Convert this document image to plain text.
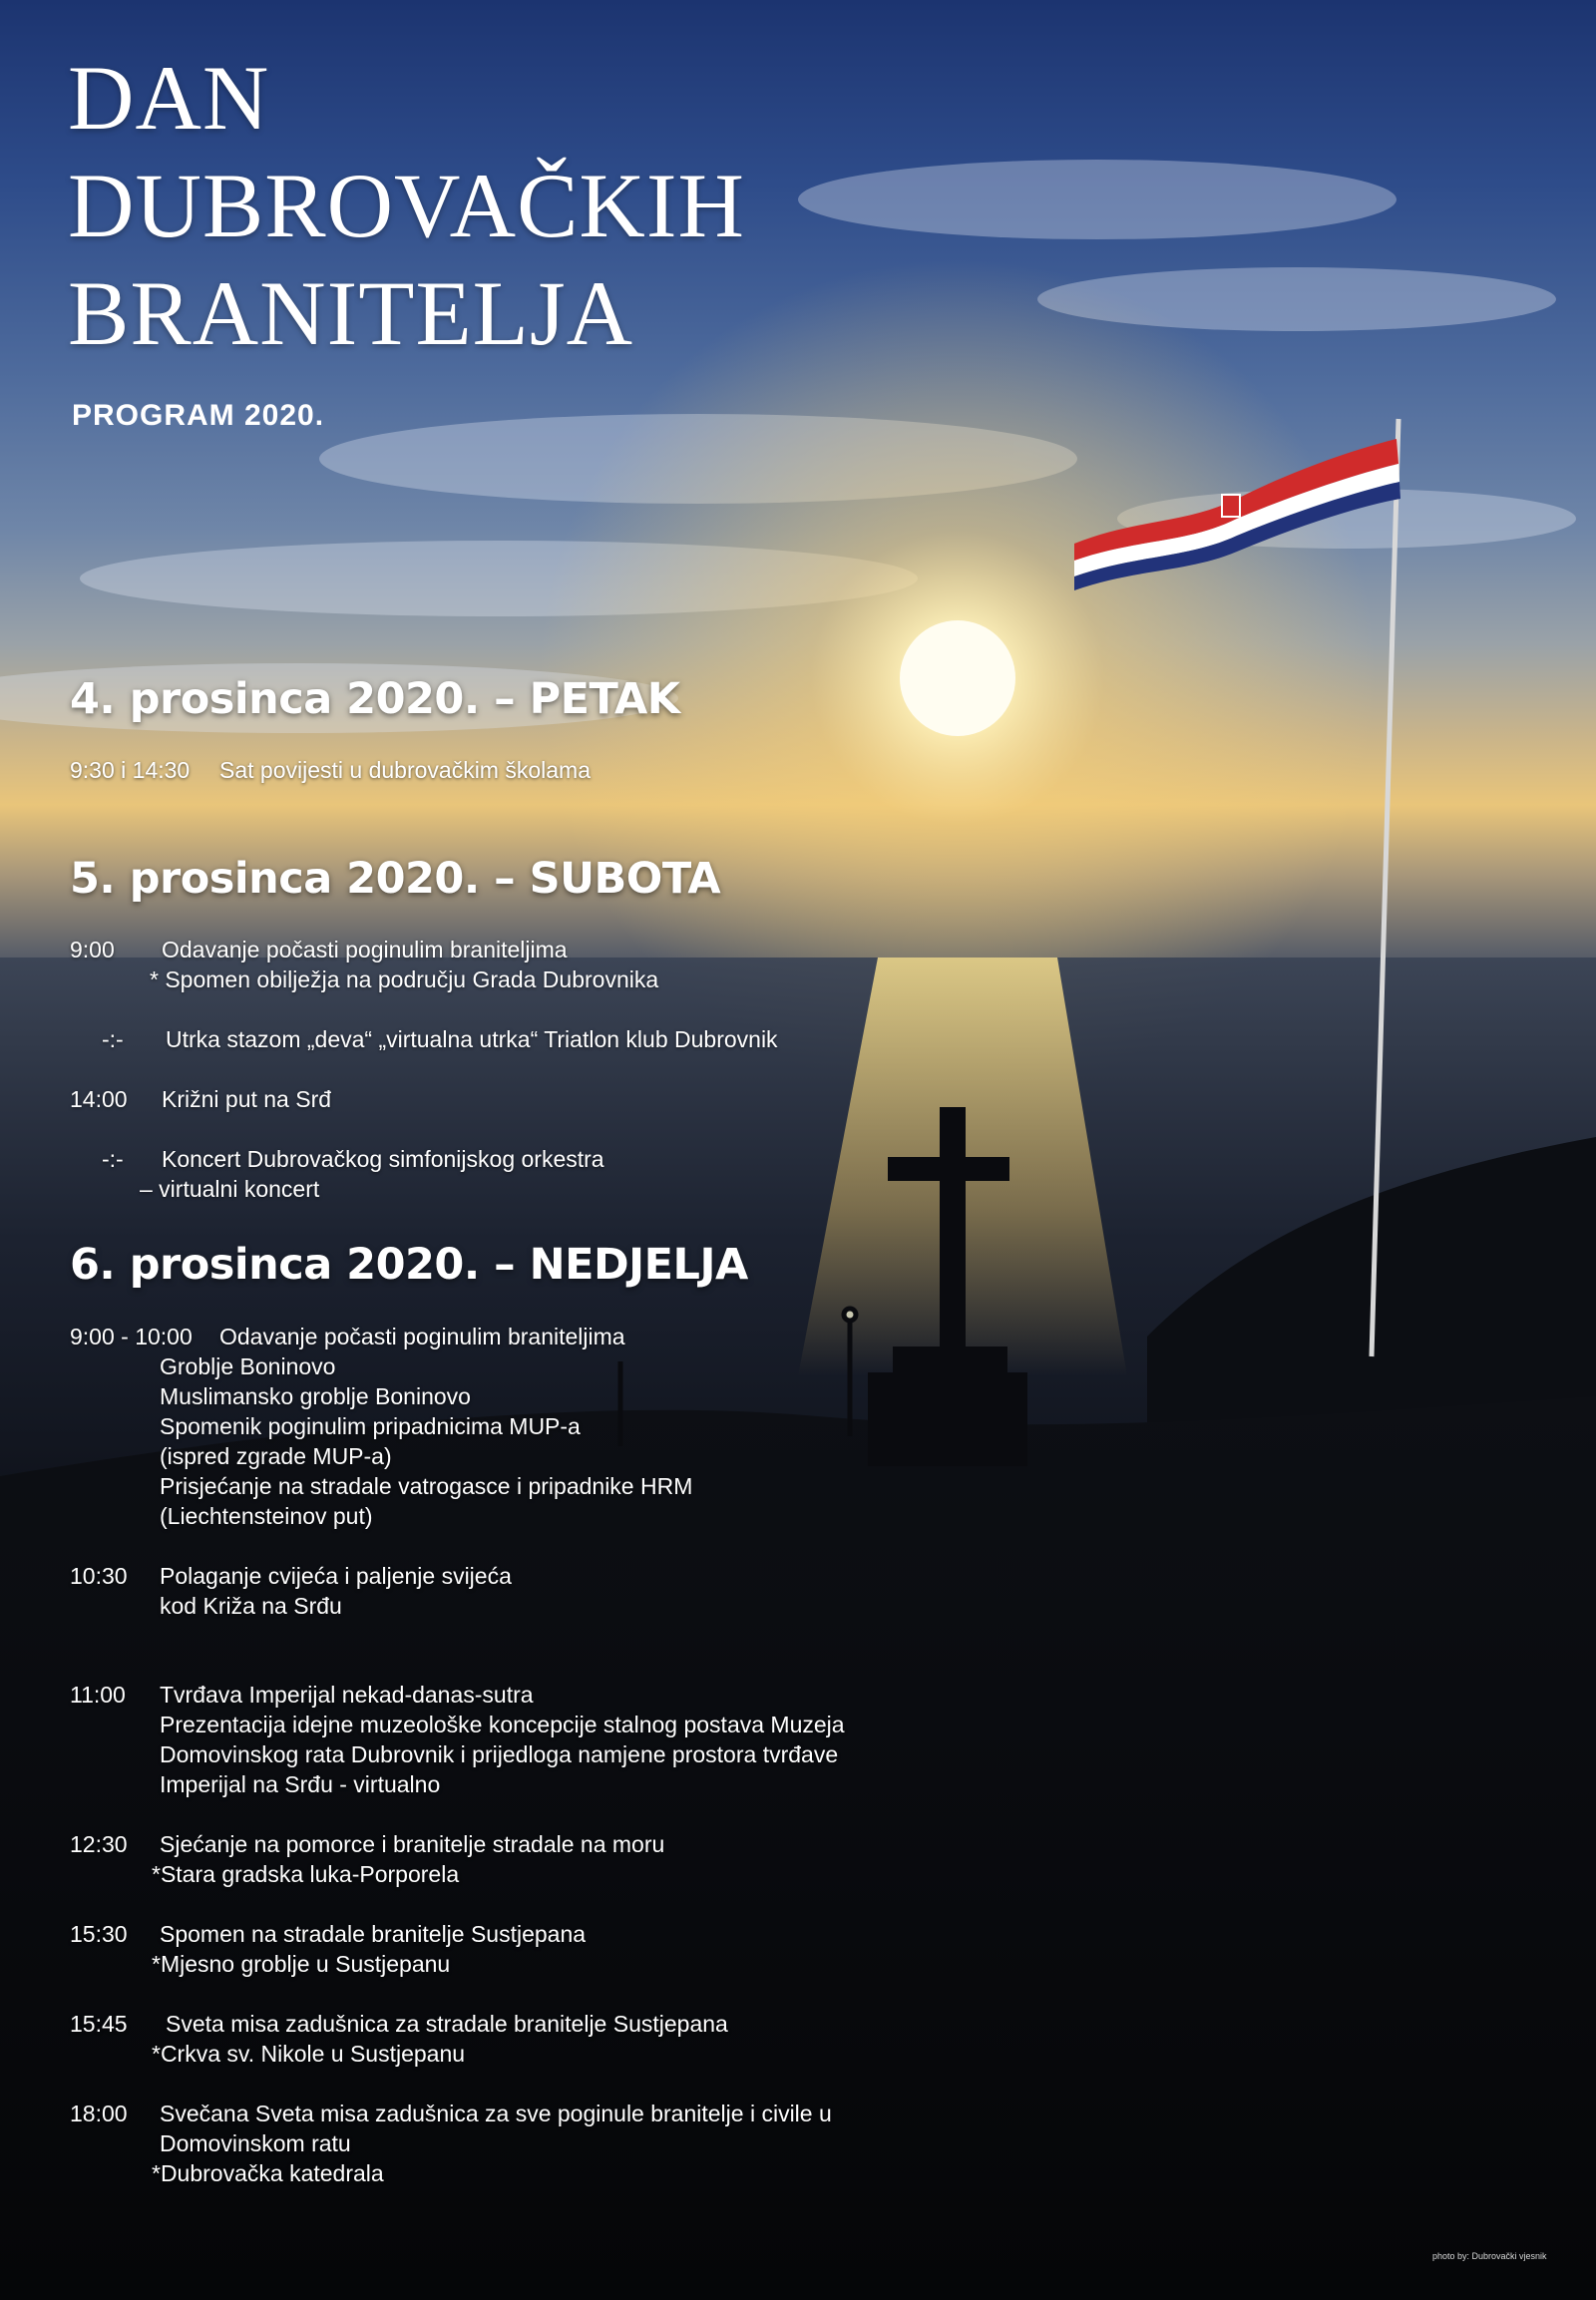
DAN
DUBROVAČKIH
BRANITELJA
PROGRAM 2020.
4. prosinca 2020. – PETAK
9:30 i 14:30 Sat povijesti u dubrovačkim školama
5. prosinca 2020. – SUBOTA
9:00 Odavanje počasti poginulim braniteljima
* Spomen obilježja na području Grada Dubrovnika
-:- Utrka stazom „deva“ „virtualna utrka“ Triatlon klub Dubrovnik
14:00 Križni put na Srđ
-:- Koncert Dubrovačkog simfonijskog orkestra
– virtualni koncert
6. prosinca 2020. – NEDJELJA
9:00 - 10:00 Odavanje počasti poginulim braniteljima
Groblje Boninovo
Muslimansko groblje Boninovo
Spomenik poginulim pripadnicima MUP-a
(ispred zgrade MUP-a)
Prisjećanje na stradale vatrogasce i pripadnike HRM
(Liechtensteinov put)
10:30 Polaganje cvijeća i paljenje svijeća
kod Križa na Srđu
11:00 Tvrđava Imperijal nekad-danas-sutra
Prezentacija idejne muzeološke koncepcije stalnog postava Muzeja
Domovinskog rata Dubrovnik i prijedloga namjene prostora tvrđave
Imperijal na Srđu - virtualno
12:30 Sjećanje na pomorce i branitelje stradale na moru
*Stara gradska luka-Porporela
15:30 Spomen na stradale branitelje Sustjepana
*Mjesno groblje u Sustjepanu
15:45 Sveta misa zadušnica za stradale branitelje Sustjepana
*Crkva sv. Nikole u Sustjepanu
18:00 Svečana Sveta misa zadušnica za sve poginule branitelje i civile u
Domovinskom ratu
*Dubrovačka katedrala
photo by: Dubrovački vjesnik
